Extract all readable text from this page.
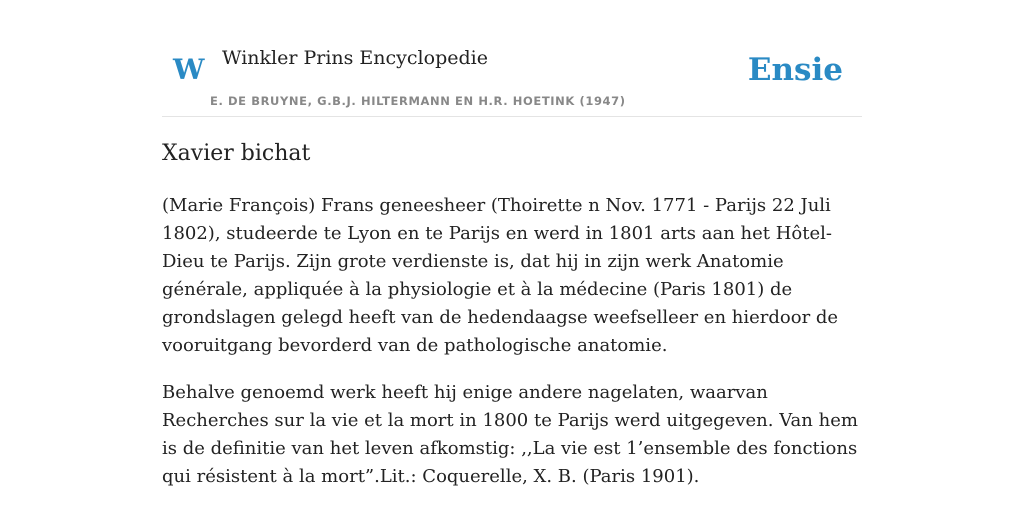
W Winkler Prins Encyclopedie
E. DE BRUYNE, G.B.J. HILTERMANN EN H.R. HOETINK (1947)
Ensie
Xavier bichat

(Marie François) Frans geneesheer (Thoirette n Nov. 1771 - Parijs 22 Juli 1802), studeerde te Lyon en te Parijs en werd in 1801 arts aan het Hôtel-Dieu te Parijs. Zijn grote verdienste is, dat hij in zijn werk Anatomie générale, appliquée à la physiologie et à la médecine (Paris 1801) de grondslagen gelegd heeft van de hedendaagse weefselleer en hierdoor de vooruitgang bevorderd van de pathologische anatomie.

Behalve genoemd werk heeft hij enige andere nagelaten, waarvan Recherches sur la vie et la mort in 1800 te Parijs werd uitgegeven. Van hem is de definitie van het leven afkomstig: ,,La vie est 1’ensemble des fonctions qui résistent à la mort”.Lit.: Coquerelle, X. B. (Paris 1901).
